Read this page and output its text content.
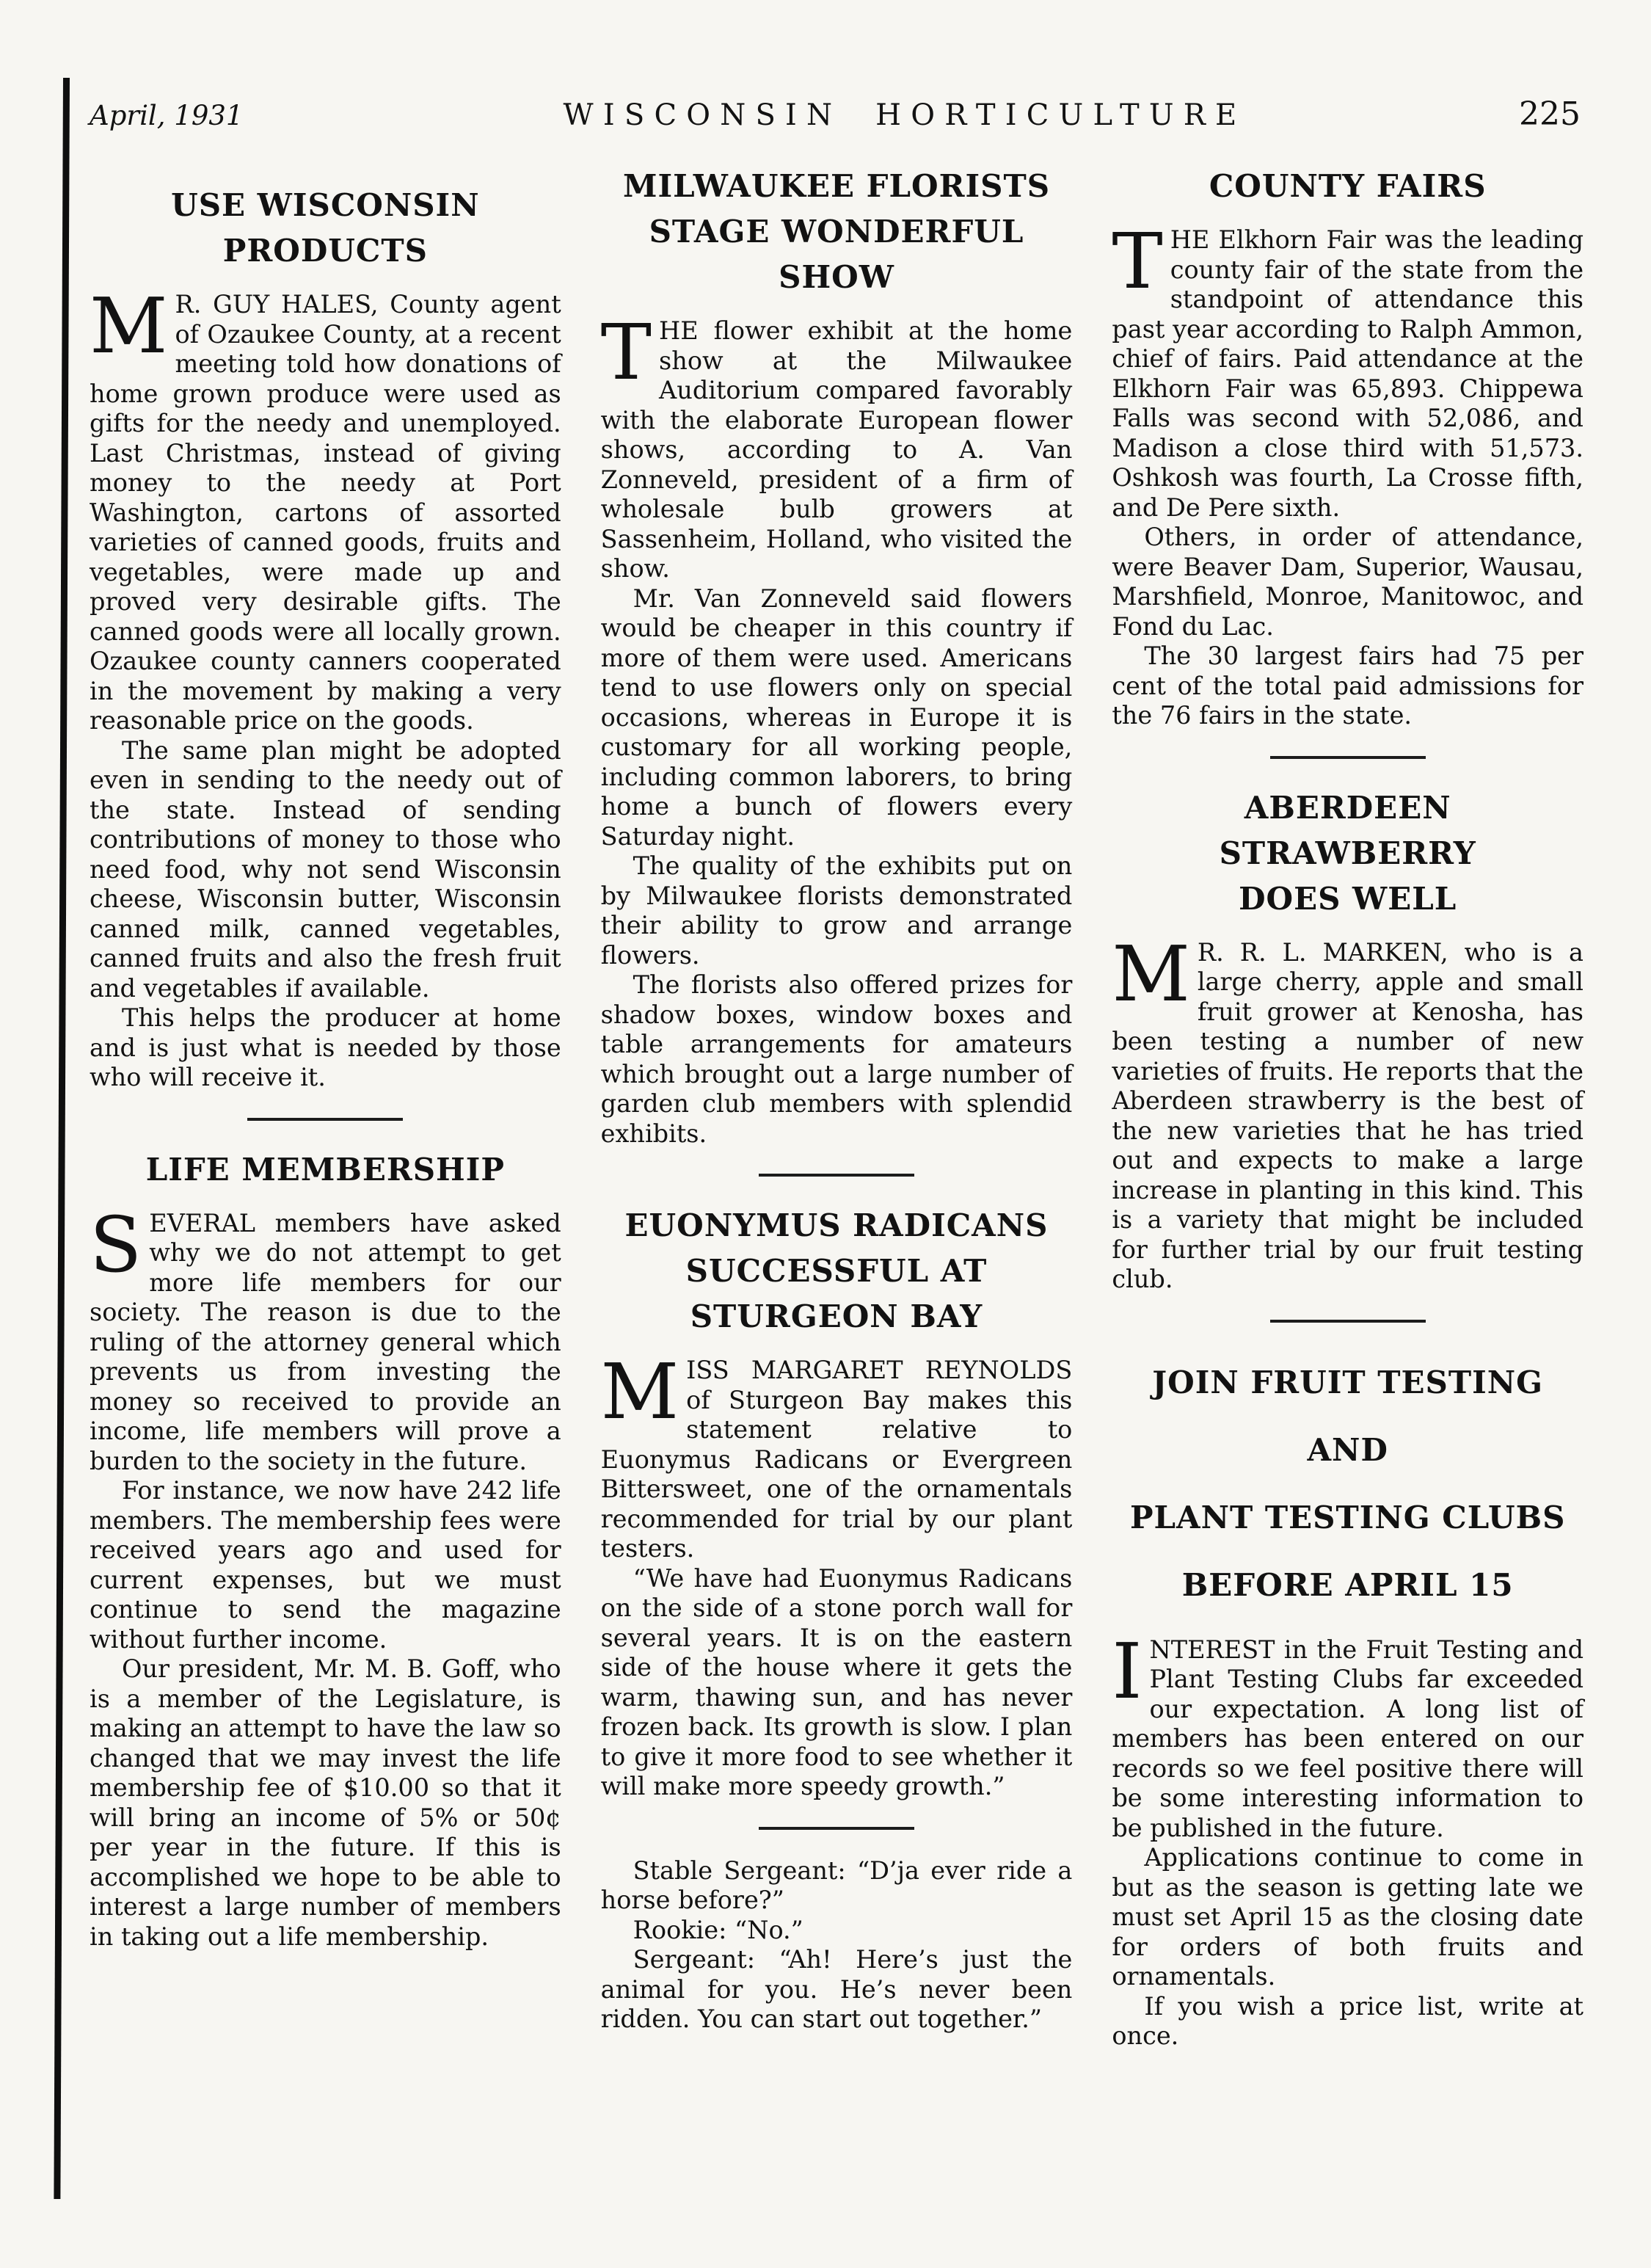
April, 1931	WISCONSIN HORTICULTURE	225
USE WISCONSIN
PRODUCTS

M R. GUY HALES, County agent of Ozaukee County, at a recent meeting told how donations of home grown produce were used as gifts for the needy and unemployed. Last Christmas, instead of giving money to the needy at Port Washington, cartons of assorted varieties of canned goods, fruits and vegetables, were made up and proved very desirable gifts. The canned goods were all locally grown. Ozaukee county canners cooperated in the movement by making a very reasonable price on the goods.

The same plan might be adopted even in sending to the needy out of the state. Instead of sending contributions of money to those who need food, why not send Wisconsin cheese, Wisconsin butter, Wisconsin canned milk, canned vegetables, canned fruits and also the fresh fruit and vegetables if available.

This helps the producer at home and is just what is needed by those who will receive it.

LIFE MEMBERSHIP

SEVERAL members have asked why we do not attempt to get more life members for our society. The reason is due to the ruling of the attorney general which prevents us from investing the money so received to provide an income, life members will prove a burden to the society in the future.

For instance, we now have 242 life members. The membership fees were received years ago and used for current expenses, but we must continue to send the magazine without further income.

Our president, Mr. M. B. Goff, who is a member of the Legislature, is making an attempt to have the law so changed that we may invest the life membership fee of $10.00 so that it will bring an income of 5% or 50¢ per year in the future. If this is accomplished we hope to be able to interest a large number of members in taking out a life membership.

MILWAUKEE FLORISTS
STAGE WONDERFUL
SHOW

THE flower exhibit at the home show at the Milwaukee Auditorium compared favorably with the elaborate European flower shows, according to A. Van Zonneveld, president of a firm of wholesale bulb growers at Sassenheim, Holland, who visited the show.

Mr. Van Zonneveld said flowers would be cheaper in this country if more of them were used. Americans tend to use flowers only on special occasions, whereas in Europe it is customary for all working people, including common laborers, to bring home a bunch of flowers every Saturday night.

The quality of the exhibits put on by Milwaukee florists demonstrated their ability to grow and arrange flowers.

The florists also offered prizes for shadow boxes, window boxes and table arrangements for amateurs which brought out a large number of garden club members with splendid exhibits.

EUONYMUS RADICANS
SUCCESSFUL AT
STURGEON BAY

MISS MARGARET REYNOLDS of Sturgeon Bay makes this statement relative to Euonymus Radicans or Evergreen Bittersweet, one of the ornamentals recommended for trial by our plant testers.

“We have had Euonymus Radicans on the side of a stone porch wall for several years. It is on the eastern side of the house where it gets the warm, thawing sun, and has never frozen back. Its growth is slow. I plan to give it more food to see whether it will make more speedy growth.”

Stable Sergeant: “D’ja ever ride a horse before?”

Rookie: “No.”

Sergeant: “Ah! Here’s just the animal for you. He’s never been ridden. You can start out together.”

COUNTY FAIRS

THE Elkhorn Fair was the leading county fair of the state from the standpoint of attendance this past year according to Ralph Ammon, chief of fairs. Paid attendance at the Elkhorn Fair was 65,893. Chippewa Falls was second with 52,086, and Madison a close third with 51,573. Oshkosh was fourth, La Crosse fifth, and De Pere sixth.

Others, in order of attendance, were Beaver Dam, Superior, Wausau, Marshfield, Monroe, Manitowoc, and Fond du Lac.

The 30 largest fairs had 75 per cent of the total paid admissions for the 76 fairs in the state.

ABERDEEN STRAWBERRY
DOES WELL

M R. R. L. MARKEN, who is a large cherry, apple and small fruit grower at Kenosha, has been testing a number of new varieties of fruits. He reports that the Aberdeen strawberry is the best of the new varieties that he has tried out and expects to make a large increase in planting in this kind. This is a variety that might be included for further trial by our fruit testing club.

JOIN FRUIT TESTING AND
PLANT TESTING CLUBS
BEFORE APRIL 15

INTEREST in the Fruit Testing and Plant Testing Clubs far exceeded our expectation. A long list of members has been entered on our records so we feel positive there will be some interesting information to be published in the future.

Applications continue to come in but as the season is getting late we must set April 15 as the closing date for orders of both fruits and ornamentals.

If you wish a price list, write at once.
